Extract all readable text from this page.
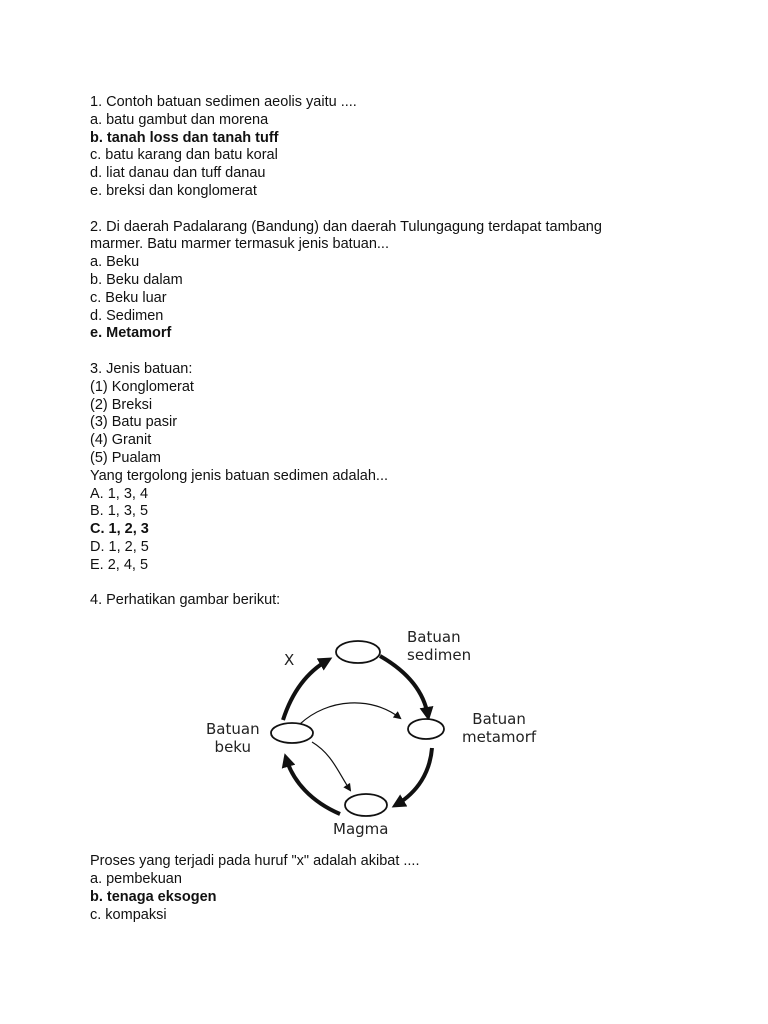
1. Contoh batuan sedimen aeolis yaitu ....
a. batu gambut dan morena
b. tanah loss dan tanah tuff
c. batu karang dan batu koral
d. liat danau dan tuff danau
e. breksi dan konglomerat
2. Di daerah Padalarang (Bandung) dan daerah Tulungagung terdapat tambang
marmer. Batu marmer termasuk jenis batuan...
a. Beku
b. Beku dalam
c. Beku luar
d. Sedimen
e. Metamorf
3. Jenis batuan:
(1) Konglomerat
(2) Breksi
(3) Batu pasir
(4) Granit
(5) Pualam
Yang tergolong jenis batuan sedimen adalah...
A. 1, 3, 4
B. 1, 3, 5
C. 1, 2, 3
D. 1, 2, 5
E. 2, 4, 5
4. Perhatikan gambar berikut:
X
Batuan
sedimen
Batuan
metamorf
Batuan
beku
Magma
Proses yang terjadi pada huruf "x" adalah akibat ....
a. pembekuan
b. tenaga eksogen
c. kompaksi
